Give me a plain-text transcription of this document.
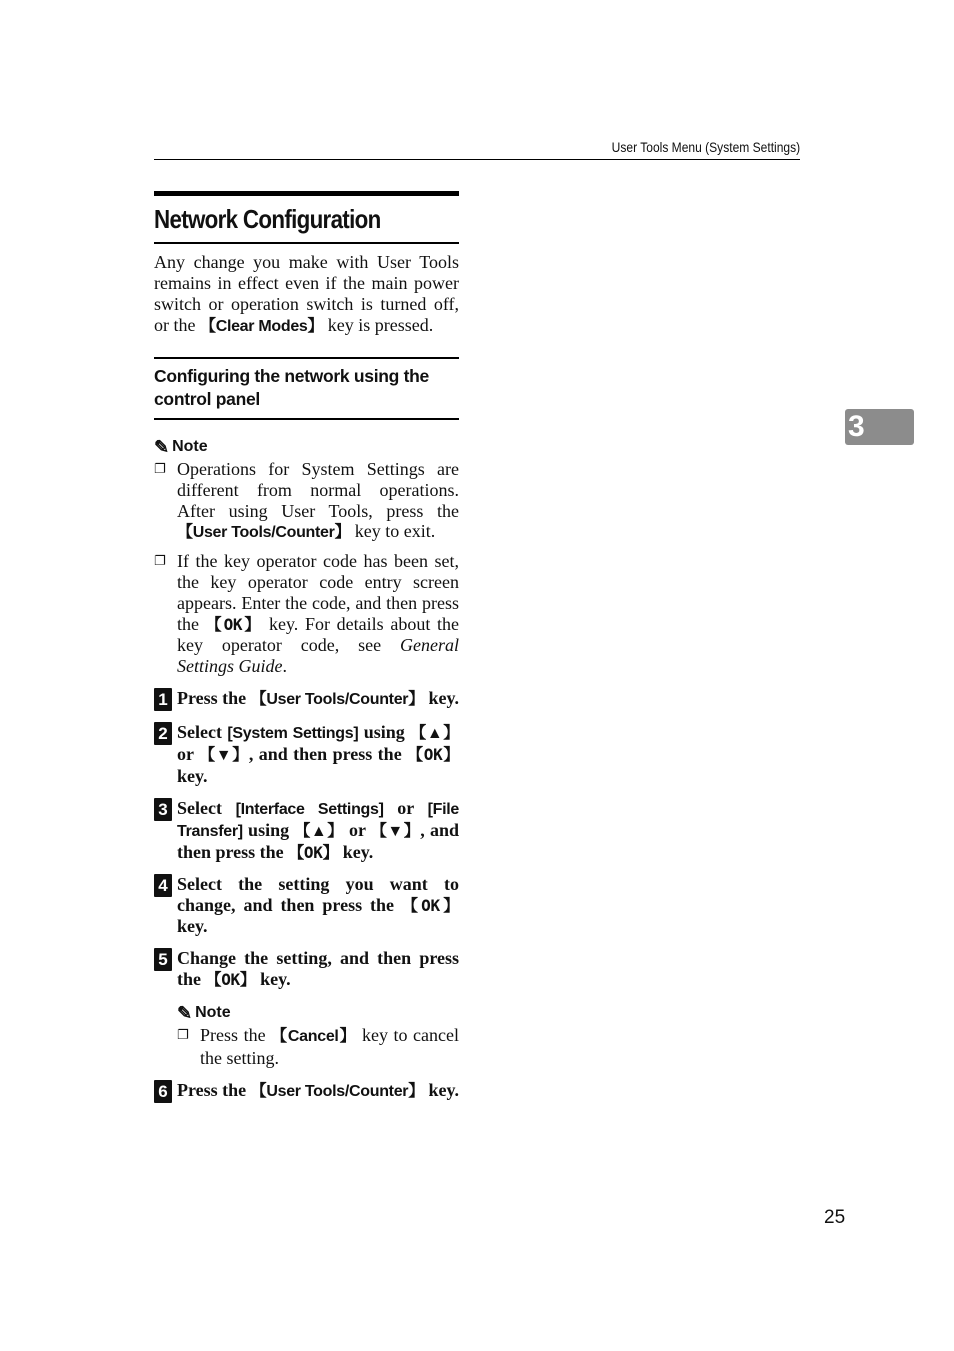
User Tools Menu (System Settings)
Network Configuration

Any change you make with User Tools remains in effect even if the main power switch or operation switch is turned off, or the 【Clear Modes】 key is pressed.

Configuring the network using the
control panel
✎ Note
❐ Operations for System Settings are different from normal operations. After using User Tools, press the 【User Tools/Counter】 key to exit.
❐ If the key operator code has been set, the key operator code entry screen appears. Enter the code, and then press the 【OK】 key. For details about the key operator code, see General Settings Guide.
1 Press the 【User Tools/Counter】 key.
2 Select [System Settings] using 【▲】 or 【▼】, and then press the 【OK】 key.
3 Select [Interface Settings] or [File Transfer] using 【▲】 or 【▼】, and then press the 【OK】 key.
4 Select the setting you want to change, and then press the 【OK】 key.
5 Change the setting, and then press the 【OK】 key.
✎ Note
❐ Press the 【Cancel】 key to cancel the setting.
6 Press the 【User Tools/Counter】 key.
3
25
